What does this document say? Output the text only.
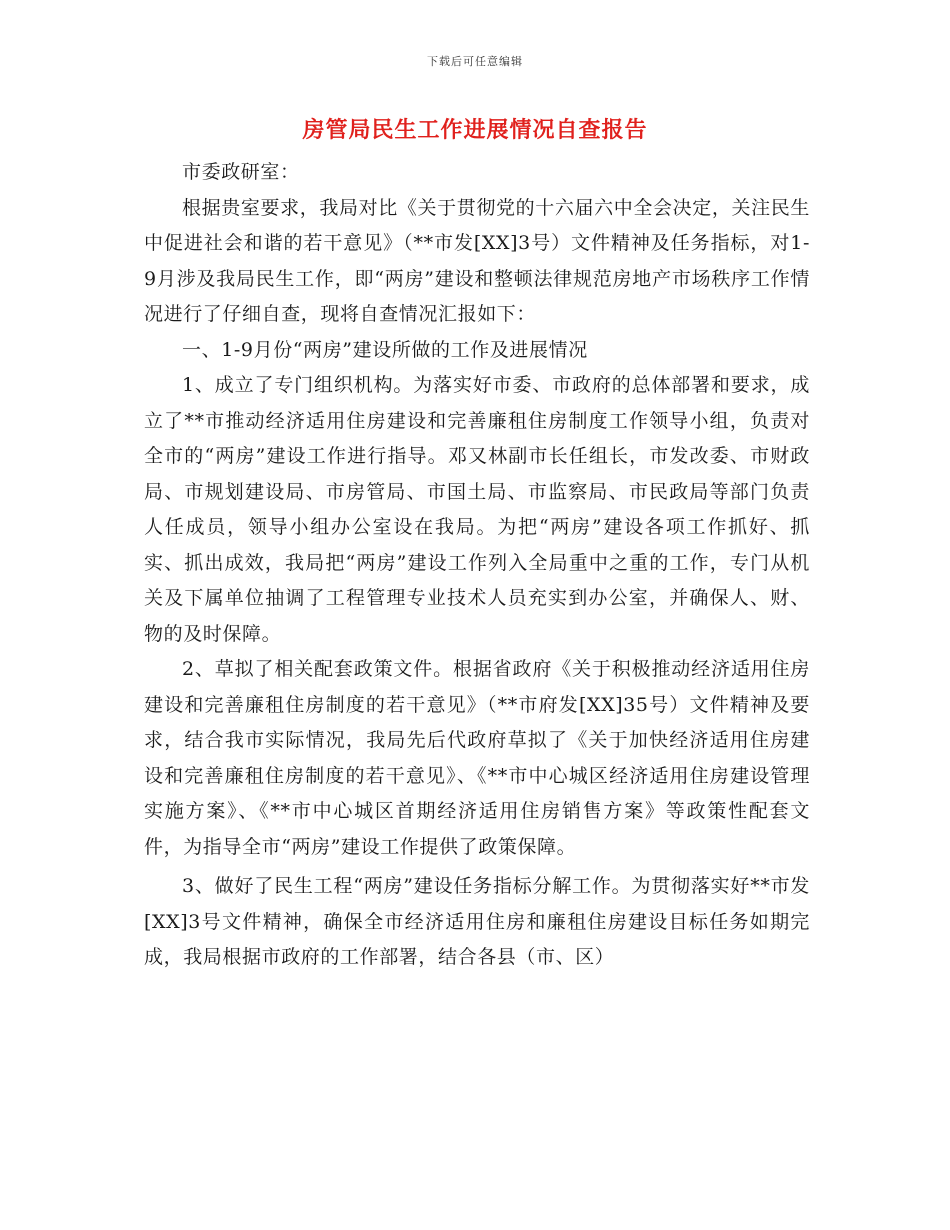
下载后可任意编辑
房管局民生工作进展情况自查报告

市委政研室：

根据贵室要求，我局对比《关于贯彻党的十六届六中全会决定，关注民生中促进社会和谐的若干意见》（**市发[XX]3号）文件精神及任务指标，对1-9月涉及我局民生工作，即“两房”建设和整顿法律规范房地产市场秩序工作情况进行了仔细自查，现将自查情况汇报如下：

一、1-9月份“两房”建设所做的工作及进展情况

1、成立了专门组织机构。为落实好市委、市政府的总体部署和要求，成立了**市推动经济适用住房建设和完善廉租住房制度工作领导小组，负责对全市的“两房”建设工作进行指导。邓又林副市长任组长，市发改委、市财政局、市规划建设局、市房管局、市国土局、市监察局、市民政局等部门负责人任成员，领导小组办公室设在我局。为把“两房”建设各项工作抓好、抓实、抓出成效，我局把“两房”建设工作列入全局重中之重的工作，专门从机关及下属单位抽调了工程管理专业技术人员充实到办公室，并确保人、财、物的及时保障。

2、草拟了相关配套政策文件。根据省政府《关于积极推动经济适用住房建设和完善廉租住房制度的若干意见》（**市府发[XX]35号）文件精神及要求，结合我市实际情况，我局先后代政府草拟了《关于加快经济适用住房建设和完善廉租住房制度的若干意见》、《**市中心城区经济适用住房建设管理实施方案》、《**市中心城区首期经济适用住房销售方案》等政策性配套文件，为指导全市“两房”建设工作提供了政策保障。

3、做好了民生工程“两房”建设任务指标分解工作。为贯彻落实好**市发[XX]3号文件精神，确保全市经济适用住房和廉租住房建设目标任务如期完成，我局根据市政府的工作部署，结合各县（市、区）
